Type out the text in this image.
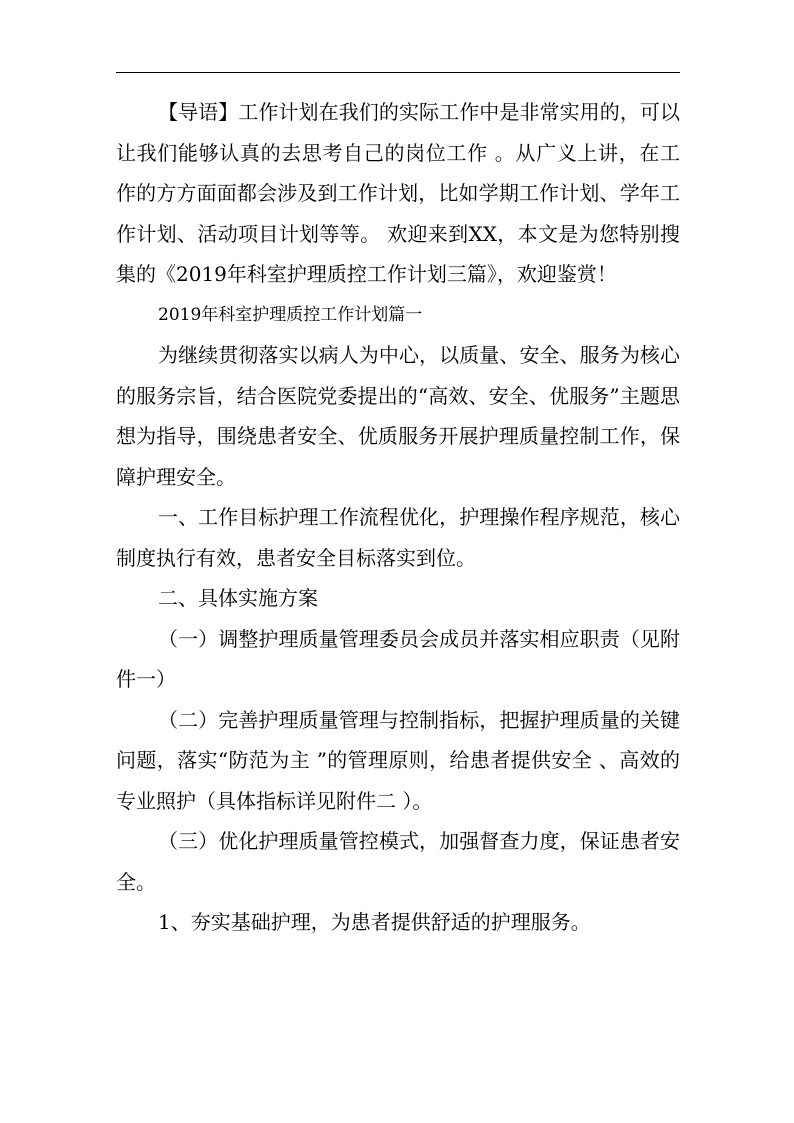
【导语】工作计划在我们的实际工作中是非常实用的，可以让我们能够认真的去思考自己的岗位工作 。从广义上讲，在工作的方方面面都会涉及到工作计划，比如学期工作计划、学年工作计划、活动项目计划等等。 欢迎来到XX，本文是为您特别搜集的《2019年科室护理质控工作计划三篇》，欢迎鉴赏！

2019年科室护理质控工作计划篇一

为继续贯彻落实以病人为中心，以质量、安全、服务为核心的服务宗旨，结合医院党委提出的“高效、安全、优服务”主题思想为指导，围绕患者安全、优质服务开展护理质量控制工作，保障护理安全。

一、工作目标护理工作流程优化，护理操作程序规范，核心制度执行有效，患者安全目标落实到位。

二、具体实施方案

（一）调整护理质量管理委员会成员并落实相应职责（见附件一）

（二）完善护理质量管理与控制指标，把握护理质量的关键问题，落实“防范为主 ”的管理原则，给患者提供安全 、高效的专业照护（具体指标详见附件二 ）。

（三）优化护理质量管控模式，加强督查力度，保证患者安全。

1、夯实基础护理，为患者提供舒适的护理服务。
